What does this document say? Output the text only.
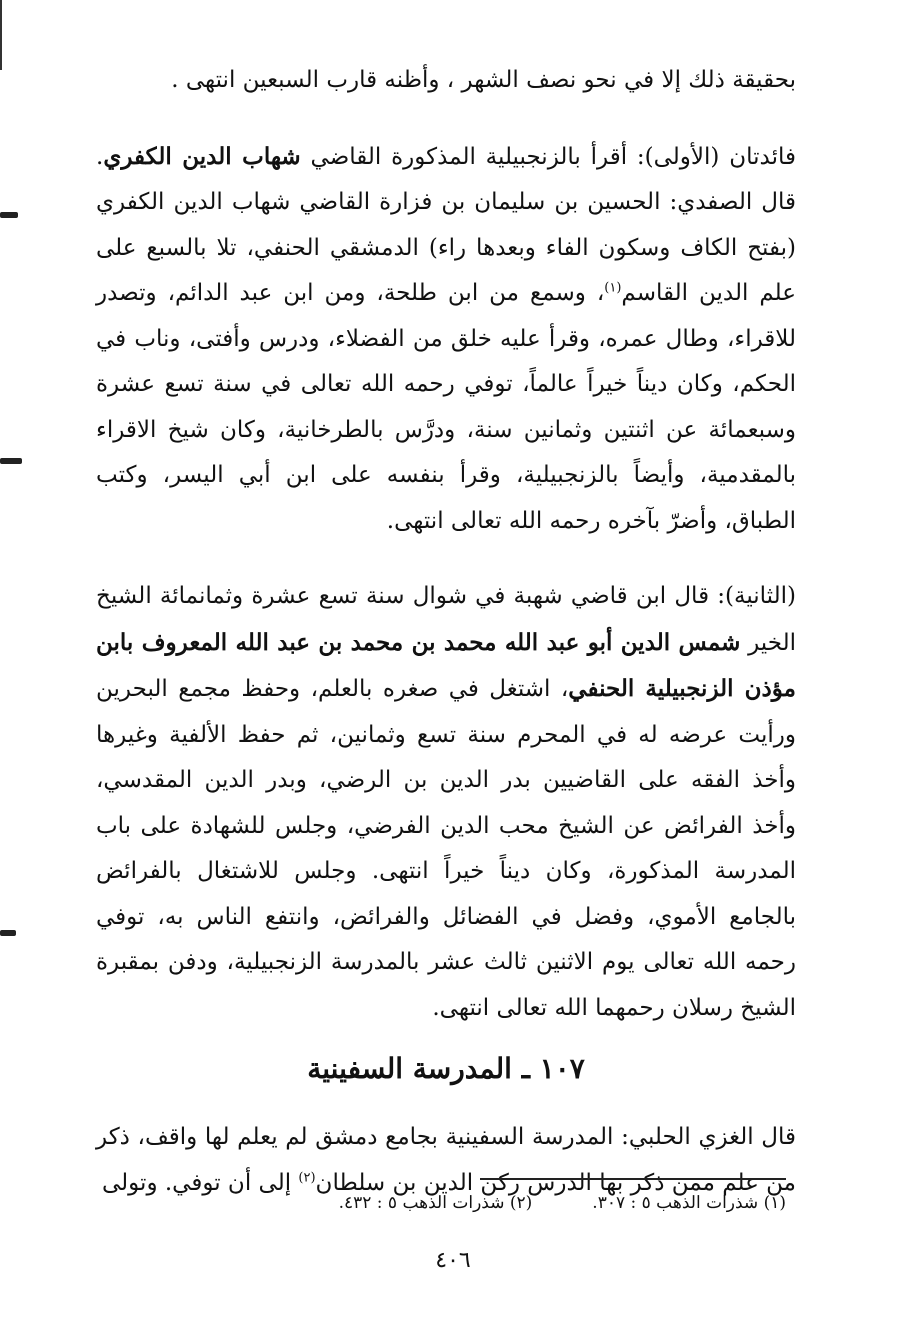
بحقيقة ذلك إلا في نحو نصف الشهر ، وأظنه قارب السبعين انتهى .

فائدتان (الأولى): أقرأ بالزنجبيلية المذكورة القاضي شهاب الدين الكفري. قال الصفدي: الحسين بن سليمان بن فزارة القاضي شهاب الدين الكفري (بفتح الكاف وسكون الفاء وبعدها راء) الدمشقي الحنفي، تلا بالسبع على علم الدين القاسم$^{(١)}$، وسمع من ابن طلحة، ومن ابن عبد الدائم، وتصدر للاقراء، وطال عمره، وقرأ عليه خلق من الفضلاء، ودرس وأفتى، وناب في الحكم، وكان ديناً خيراً عالماً، توفي رحمه الله تعالى في سنة تسع عشرة وسبعمائة عن اثنتين وثمانين سنة، ودرَّس بالطرخانية، وكان شيخ الاقراء بالمقدمية، وأيضاً بالزنجبيلية، وقرأ بنفسه على ابن أبي اليسر، وكتب الطباق، وأضرّ بآخره رحمه الله تعالى انتهى.

(الثانية): قال ابن قاضي شهبة في شوال سنة تسع عشرة وثمانمائة الشيخ الخير شمس الدين أبو عبد الله محمد بن محمد بن عبد الله المعروف بابن مؤذن الزنجبيلية الحنفي، اشتغل في صغره بالعلم، وحفظ مجمع البحرين ورأيت عرضه له في المحرم سنة تسع وثمانين، ثم حفظ الألفية وغيرها وأخذ الفقه على القاضيين بدر الدين بن الرضي، وبدر الدين المقدسي، وأخذ الفرائض عن الشيخ محب الدين الفرضي، وجلس للشهادة على باب المدرسة المذكورة، وكان ديناً خيراً انتهى. وجلس للاشتغال بالفرائض بالجامع الأموي، وفضل في الفضائل والفرائض، وانتفع الناس به، توفي رحمه الله تعالى يوم الاثنين ثالث عشر بالمدرسة الزنجبيلية، ودفن بمقبرة الشيخ رسلان رحمهما الله تعالى انتهى.

١٠٧ ـ المدرسة السفينية

قال الغزي الحلبي: المدرسة السفينية بجامع دمشق لم يعلم لها واقف، ذكر من علم ممن ذكر بها الدرس ركن الدين بن سلطان$^{(٢)}$ إلى أن توفي. وتولى

(١) شذرات الذهب ٥ : ٣٠٧.
(٢) شذرات الذهب ٥ : ٤٣٢.
٤٠٦
